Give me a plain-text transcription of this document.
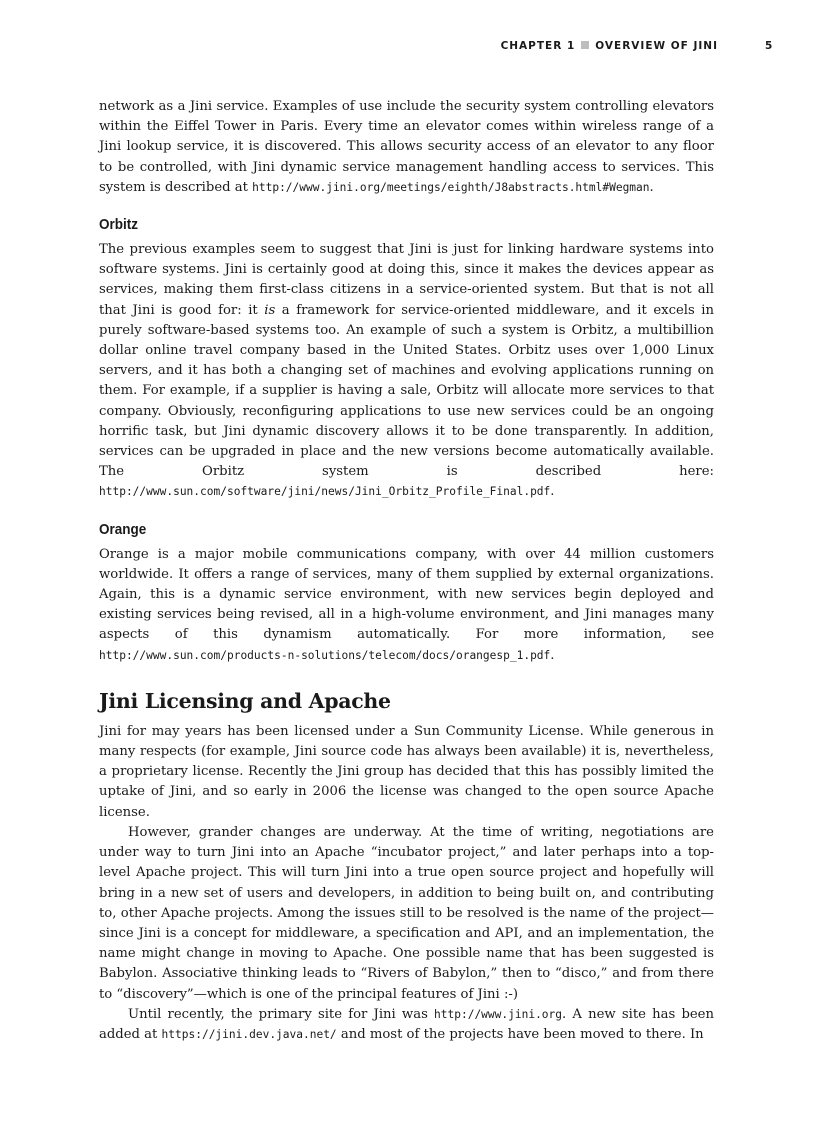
CHAPTER 1 OVERVIEW OF JINI	5

network as a Jini service. Examples of use include the security system controlling elevators within the Eiffel Tower in Paris. Every time an elevator comes within wireless range of a Jini lookup service, it is discovered. This allows security access of an elevator to any floor to be controlled, with Jini dynamic service management handling access to services. This system is described at http://www.jini.org/meetings/eighth/J8abstracts.html#Wegman.

Orbitz

The previous examples seem to suggest that Jini is just for linking hardware systems into software systems. Jini is certainly good at doing this, since it makes the devices appear as services, making them first-class citizens in a service-oriented system. But that is not all that Jini is good for: it is a framework for service-oriented middleware, and it excels in purely software-based systems too. An example of such a system is Orbitz, a multibillion dollar online travel company based in the United States. Orbitz uses over 1,000 Linux servers, and it has both a changing set of machines and evolving applications running on them. For example, if a supplier is having a sale, Orbitz will allocate more services to that company. Obviously, reconfiguring applications to use new services could be an ongoing horrific task, but Jini dynamic discovery allows it to be done transparently. In addition, services can be upgraded in place and the new versions become automatically available. The Orbitz system is described here: http://www.sun.com/software/jini/news/Jini_Orbitz_Profile_Final.pdf.

Orange

Orange is a major mobile communications company, with over 44 million customers worldwide. It offers a range of services, many of them supplied by external organizations. Again, this is a dynamic service environment, with new services begin deployed and existing services being revised, all in a high-volume environment, and Jini manages many aspects of this dynamism automatically. For more information, see http://www.sun.com/products-n-solutions/telecom/docs/orangesp_1.pdf.

Jini Licensing and Apache

Jini for may years has been licensed under a Sun Community License. While generous in many respects (for example, Jini source code has always been available) it is, nevertheless, a proprietary license. Recently the Jini group has decided that this has possibly limited the uptake of Jini, and so early in 2006 the license was changed to the open source Apache license.

However, grander changes are underway. At the time of writing, negotiations are under way to turn Jini into an Apache “incubator project,” and later perhaps into a top-level Apache project. This will turn Jini into a true open source project and hopefully will bring in a new set of users and developers, in addition to being built on, and contributing to, other Apache projects. Among the issues still to be resolved is the name of the project—since Jini is a concept for middleware, a specification and API, and an implementation, the name might change in moving to Apache. One possible name that has been suggested is Babylon. Associative thinking leads to “Rivers of Babylon,” then to “disco,” and from there to “discovery”—which is one of the principal features of Jini :-)

Until recently, the primary site for Jini was http://www.jini.org. A new site has been added at https://jini.dev.java.net/ and most of the projects have been moved to there. In
